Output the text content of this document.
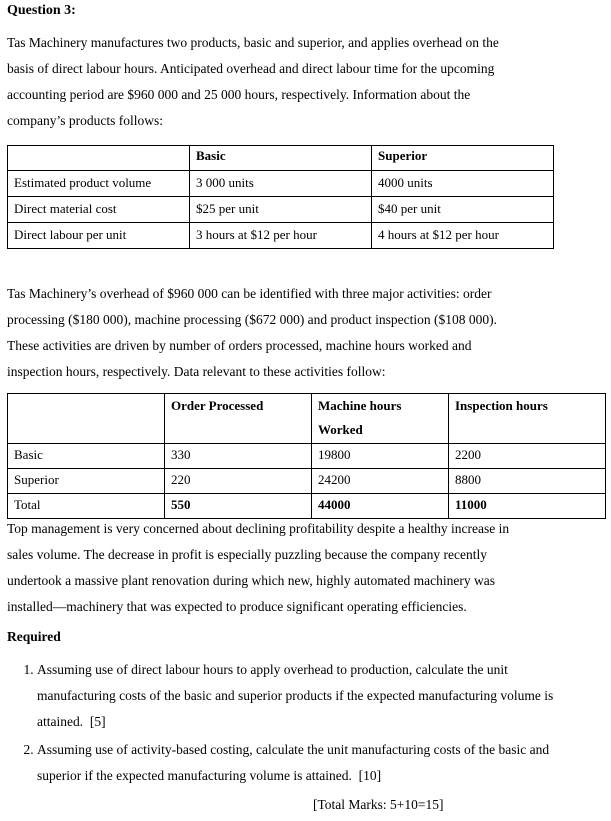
Question 3:
Tas Machinery manufactures two products, basic and superior, and applies overhead on the
basis of direct labour hours. Anticipated overhead and direct labour time for the upcoming
accounting period are $960 000 and 25 000 hours, respectively. Information about the
company’s products follows:
	Basic	Superior
Estimated product volume	3 000 units	4000 units
Direct material cost	$25 per unit	$40 per unit
Direct labour per unit	3 hours at $12 per hour	4 hours at $12 per hour
Tas Machinery’s overhead of $960 000 can be identified with three major activities: order
processing ($180 000), machine processing ($672 000) and product inspection ($108 000).
These activities are driven by number of orders processed, machine hours worked and
inspection hours, respectively. Data relevant to these activities follow:
	Order Processed	Machine hours Worked	Inspection hours
Basic	330	19800	2200
Superior	220	24200	8800
Total	550	44000	11000
Top management is very concerned about declining profitability despite a healthy increase in
sales volume. The decrease in profit is especially puzzling because the company recently
undertook a massive plant renovation during which new, highly automated machinery was
installed—machinery that was expected to produce significant operating efficiencies.
Required
1. Assuming use of direct labour hours to apply overhead to production, calculate the unit manufacturing costs of the basic and superior products if the expected manufacturing volume is attained. [5]
2. Assuming use of activity-based costing, calculate the unit manufacturing costs of the basic and superior if the expected manufacturing volume is attained. [10]
[Total Marks: 5+10=15]
